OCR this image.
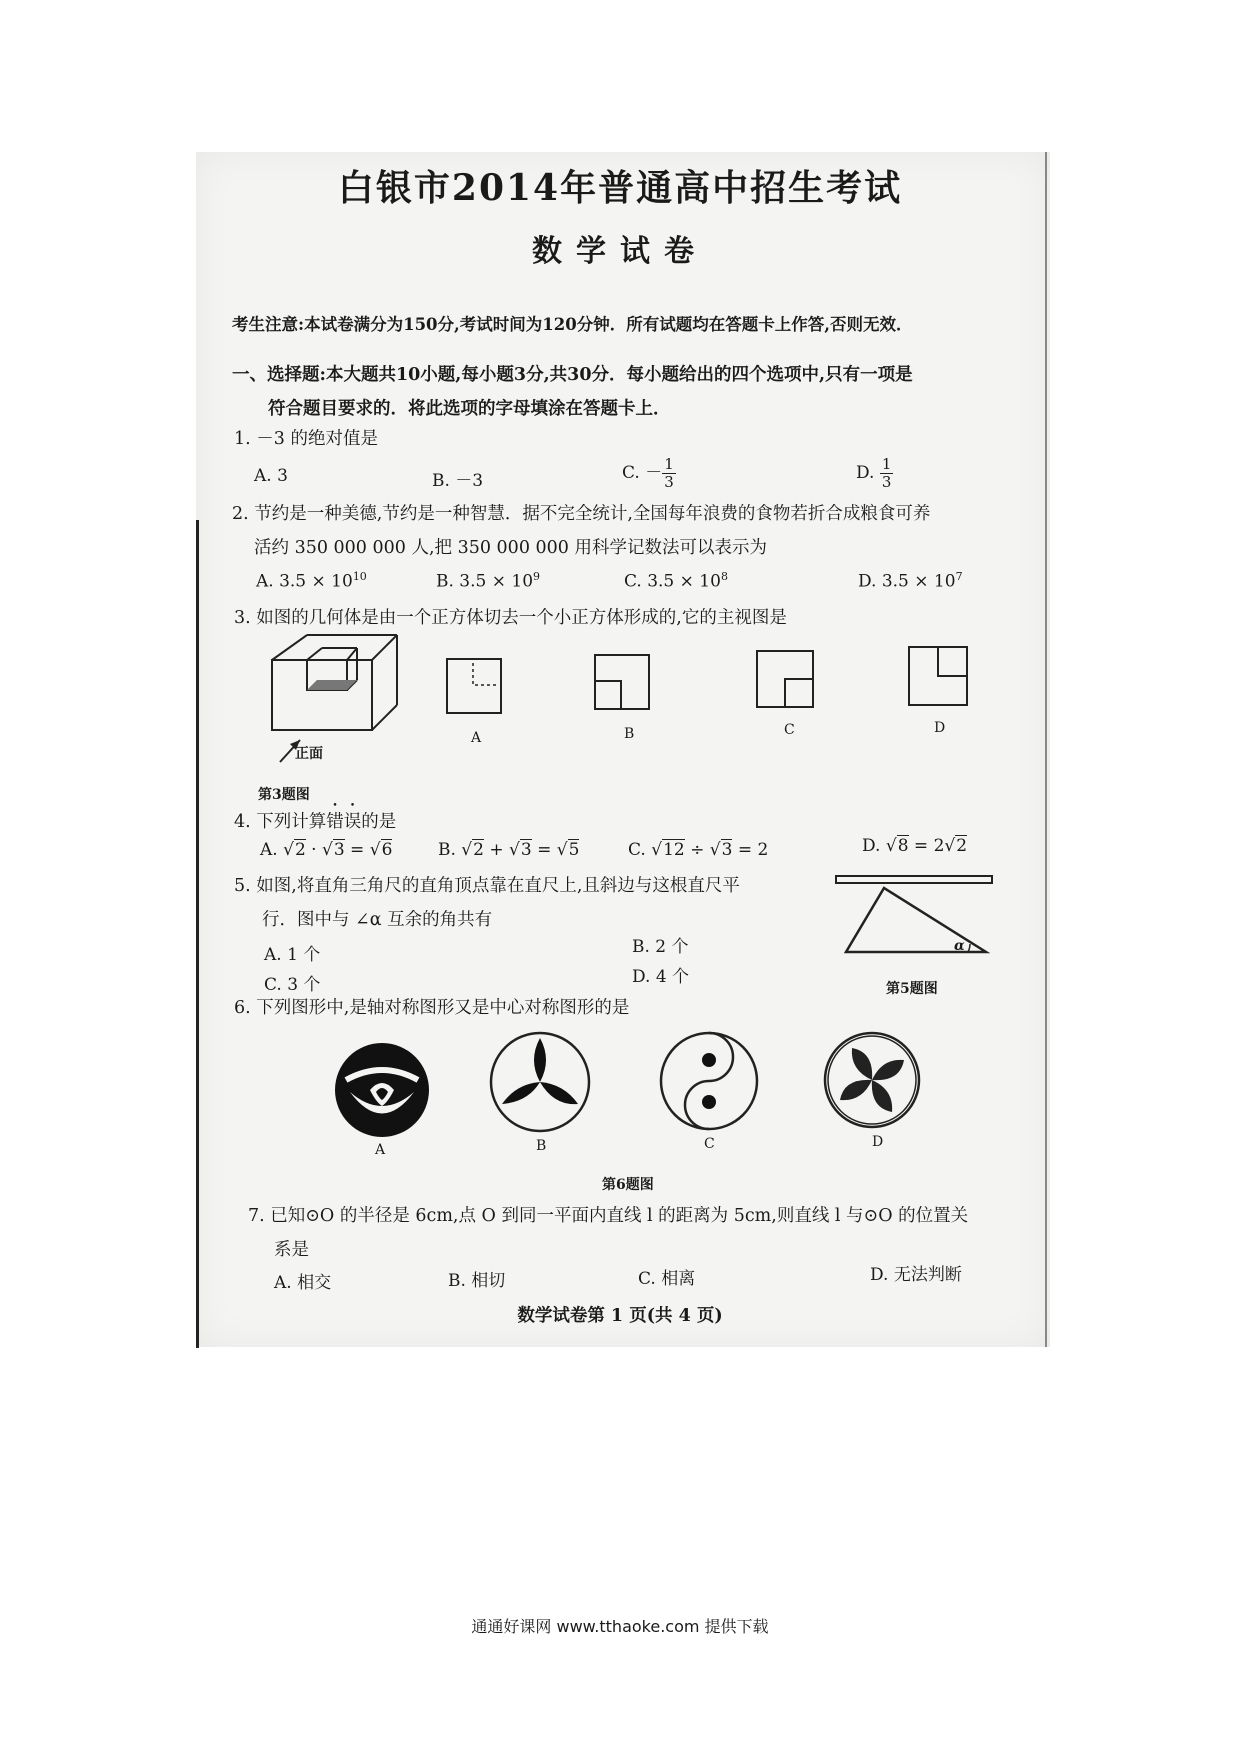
白银市2014年普通高中招生考试
数学试卷
考生注意:本试卷满分为150分,考试时间为120分钟．所有试题均在答题卡上作答,否则无效．
一、选择题:本大题共10小题,每小题3分,共30分．每小题给出的四个选项中,只有一项是
符合题目要求的．将此选项的字母填涂在答题卡上．
1. －3 的绝对值是
A. 3	B. －3	C. － $\frac{1}{3}$	D. $\frac{1}{3}$
2. 节约是一种美德,节约是一种智慧．据不完全统计,全国每年浪费的食物若折合成粮食可养
活约 350 000 000 人,把 350 000 000 用科学记数法可以表示为
A. $3.5 \times 10^{10}$	B. $3.5 \times 10^9$	C. $3.5 \times 10^8$	D. $3.5 \times 10^7$
3. 如图的几何体是由一个正方体切去一个小正方体形成的,它的主视图是
正面
A	B	C	D
第3题图
4. 下列计算错误的是
A. √2 · √3 = √6	B. √2 + √3 = √5	C. √12 ÷ √3 = 2	D. √8 = 2√2
5. 如图,将直角三角尺的直角顶点靠在直尺上,且斜边与这根直尺平
行．图中与 ∠α 互余的角共有
A. 1 个	B. 2 个
C. 3 个	D. 4 个
α
第5题图
6. 下列图形中,是轴对称图形又是中心对称图形的是
A	B	C	D
第6题图
7. 已知⊙O 的半径是 6cm,点 O 到同一平面内直线 l 的距离为 5cm,则直线 l 与⊙O 的位置关
系是
A. 相交	B. 相切	C. 相离	D. 无法判断
数学试卷第 1 页(共 4 页)
通通好课网 www.tthaoke.com 提供下载
